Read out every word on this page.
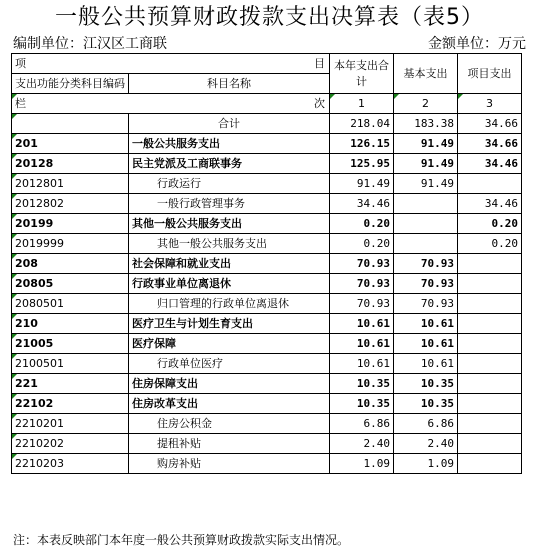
一般公共预算财政拨款支出决算表（表5）
编制单位：江汉区工商联	金额单位：万元
项 目		本年支出合计	基本支出	项目支出
支出功能分类科目编码	科目名称			
栏 次		1	2	3
	合计	218.04	183.38	34.66
201	一般公共服务支出	126.15	91.49	34.66
20128	民主党派及工商联事务	125.95	91.49	34.46
2012801	行政运行	91.49	91.49	
2012802	一般行政管理事务	34.46		34.46
20199	其他一般公共服务支出	0.20		0.20
2019999	其他一般公共服务支出	0.20		0.20
208	社会保障和就业支出	70.93	70.93	
20805	行政事业单位离退休	70.93	70.93	
2080501	归口管理的行政单位离退休	70.93	70.93	
210	医疗卫生与计划生育支出	10.61	10.61	
21005	医疗保障	10.61	10.61	
2100501	行政单位医疗	10.61	10.61	
221	住房保障支出	10.35	10.35	
22102	住房改革支出	10.35	10.35	
2210201	住房公积金	6.86	6.86	
2210202	提租补贴	2.40	2.40	
2210203	购房补贴	1.09	1.09	
注：本表反映部门本年度一般公共预算财政拨款实际支出情况。
